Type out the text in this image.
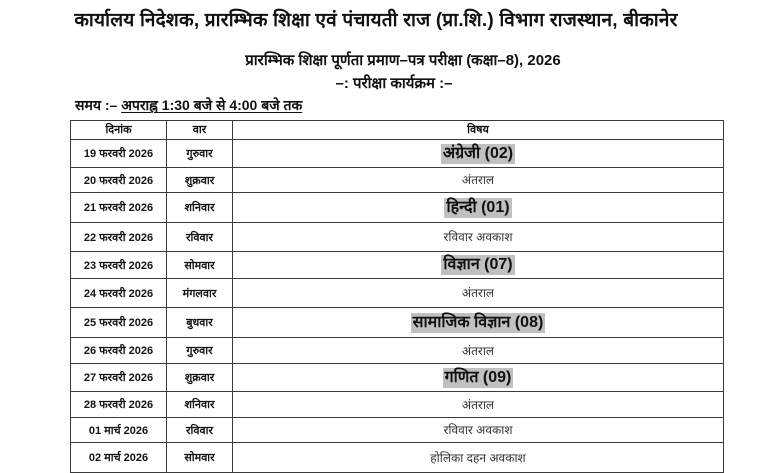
कार्यालय निदेशक, प्रारम्भिक शिक्षा एवं पंचायती राज (प्रा.शि.) विभाग राजस्थान, बीकानेर
प्रारम्भिक शिक्षा पूर्णता प्रमाण–पत्र परीक्षा (कक्षा–8), 2026
–: परीक्षा कार्यक्रम :–
समय :– अपराह्न 1:30 बजे से 4:00 बजे तक
दिनांक	वार	विषय
19 फरवरी 2026	गुरुवार	अंग्रेजी (02)
20 फरवरी 2026	शुक्रवार	अंतराल
21 फरवरी 2026	शनिवार	हिन्दी (01)
22 फरवरी 2026	रविवार	रविवार अवकाश
23 फरवरी 2026	सोमवार	विज्ञान (07)
24 फरवरी 2026	मंगलवार	अंतराल
25 फरवरी 2026	बुधवार	सामाजिक विज्ञान (08)
26 फरवरी 2026	गुरुवार	अंतराल
27 फरवरी 2026	शुक्रवार	गणित (09)
28 फरवरी 2026	शनिवार	अंतराल
01 मार्च 2026	रविवार	रविवार अवकाश
02 मार्च 2026	सोमवार	होलिका दहन अवकाश
